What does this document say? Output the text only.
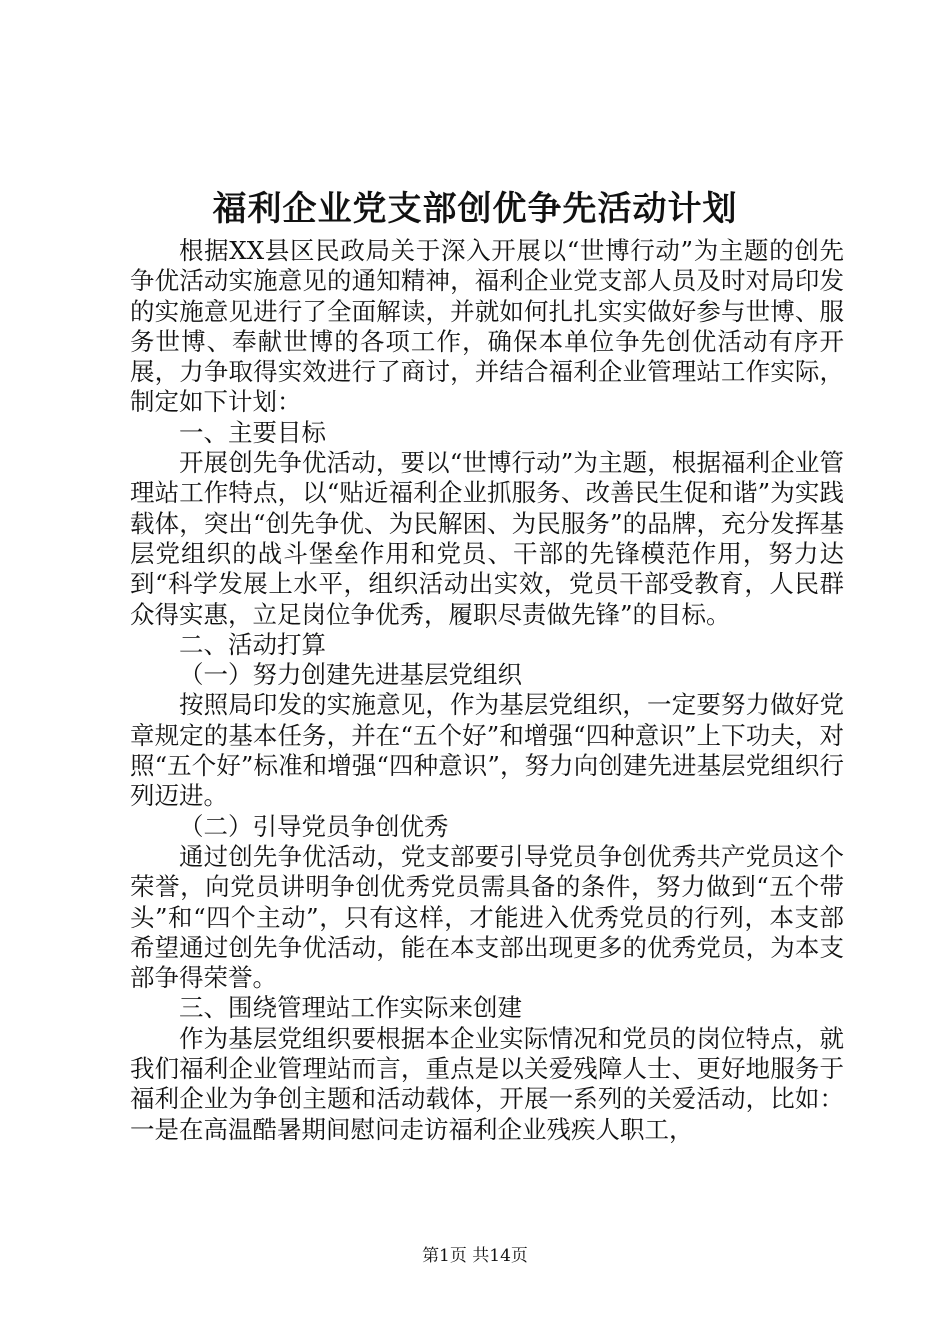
福利企业党支部创优争先活动计划

根据XX县区民政局关于深入开展以“世博行动”为主题的创先争优活动实施意见的通知精神，福利企业党支部人员及时对局印发的实施意见进行了全面解读，并就如何扎扎实实做好参与世博、服务世博、奉献世博的各项工作，确保本单位争先创优活动有序开展，力争取得实效进行了商讨，并结合福利企业管理站工作实际，制定如下计划：

一、主要目标

开展创先争优活动，要以“世博行动”为主题，根据福利企业管理站工作特点，以“贴近福利企业抓服务、改善民生促和谐”为实践载体，突出“创先争优、为民解困、为民服务”的品牌，充分发挥基层党组织的战斗堡垒作用和党员、干部的先锋模范作用，努力达到“科学发展上水平，组织活动出实效，党员干部受教育，人民群众得实惠，立足岗位争优秀，履职尽责做先锋”的目标。

二、活动打算

（一）努力创建先进基层党组织

按照局印发的实施意见，作为基层党组织，一定要努力做好党章规定的基本任务，并在“五个好”和增强“四种意识”上下功夫，对照“五个好”标准和增强“四种意识”，努力向创建先进基层党组织行列迈进。

（二）引导党员争创优秀

通过创先争优活动，党支部要引导党员争创优秀共产党员这个荣誉，向党员讲明争创优秀党员需具备的条件，努力做到“五个带头”和“四个主动”，只有这样，才能进入优秀党员的行列，本支部希望通过创先争优活动，能在本支部出现更多的优秀党员，为本支部争得荣誉。

三、围绕管理站工作实际来创建

作为基层党组织要根据本企业实际情况和党员的岗位特点，就我们福利企业管理站而言，重点是以关爱残障人士、更好地服务于福利企业为争创主题和活动载体，开展一系列的关爱活动，比如：一是在高温酷暑期间慰问走访福利企业残疾人职工，

第1页 共14页
